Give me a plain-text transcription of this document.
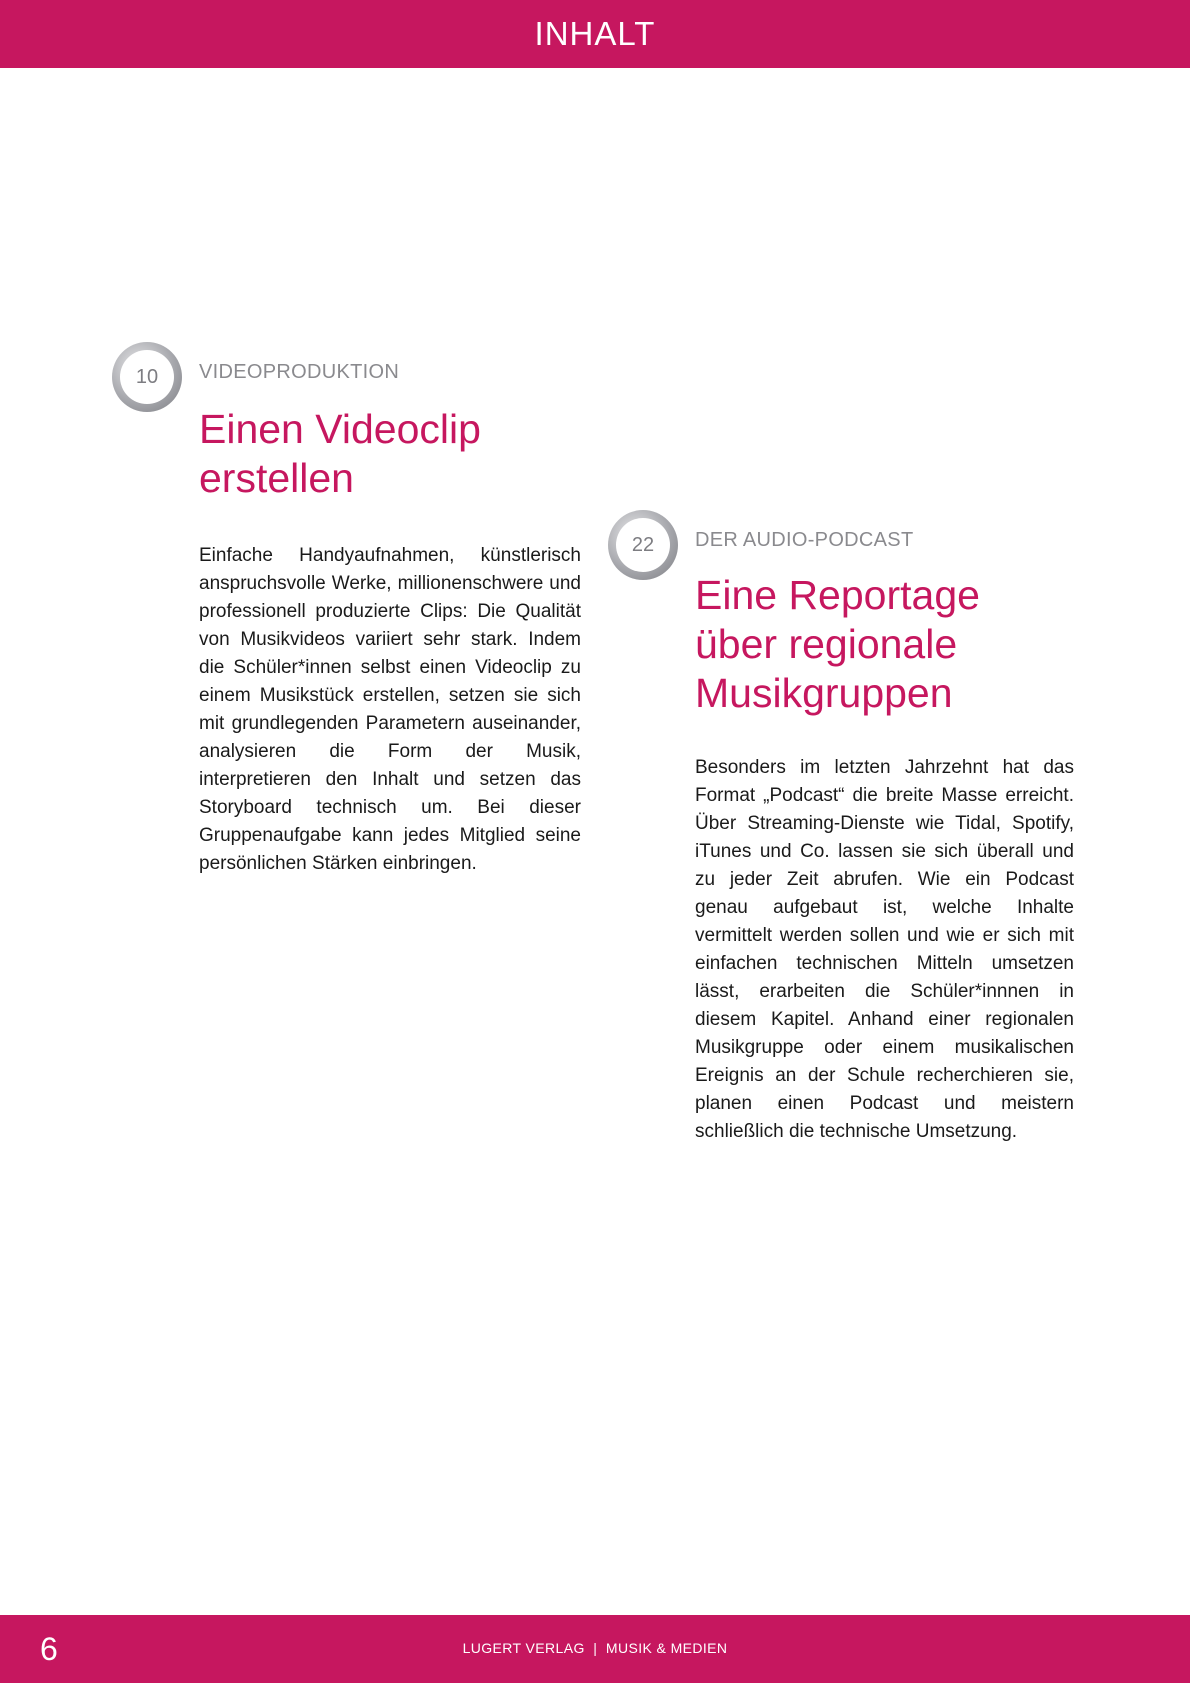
INHALT
10	VIDEOPRODUKTION
Einen Videoclip
erstellen

Einfache Handyaufnahmen, künstlerisch anspruchsvolle Werke, millionenschwere und professionell produzierte Clips: Die Qualität von Musikvideos variiert sehr stark. Indem die Schüler*innen selbst einen Videoclip zu einem Musikstück erstellen, setzen sie sich mit grundlegenden Parametern auseinander, analysieren die Form der Musik, interpretieren den Inhalt und setzen das Storyboard technisch um. Bei dieser Gruppenaufgabe kann jedes Mitglied seine persönlichen Stärken einbringen.

22	DER AUDIO-PODCAST
Eine Reportage
über regionale
Musikgruppen

Besonders im letzten Jahrzehnt hat das Format „Podcast“ die breite Masse erreicht. Über Streaming-Dienste wie Tidal, Spotify, iTunes und Co. lassen sie sich überall und zu jeder Zeit abrufen. Wie ein Podcast genau aufgebaut ist, welche Inhalte vermittelt werden sollen und wie er sich mit einfachen technischen Mitteln umsetzen lässt, erarbeiten die Schüler*innnen in diesem Kapitel. Anhand einer regionalen Musikgruppe oder einem musikalischen Ereignis an der Schule recherchieren sie, planen einen Podcast und meistern schließlich die technische Umsetzung.

6	LUGERT VERLAG  |  MUSIK & MEDIEN
